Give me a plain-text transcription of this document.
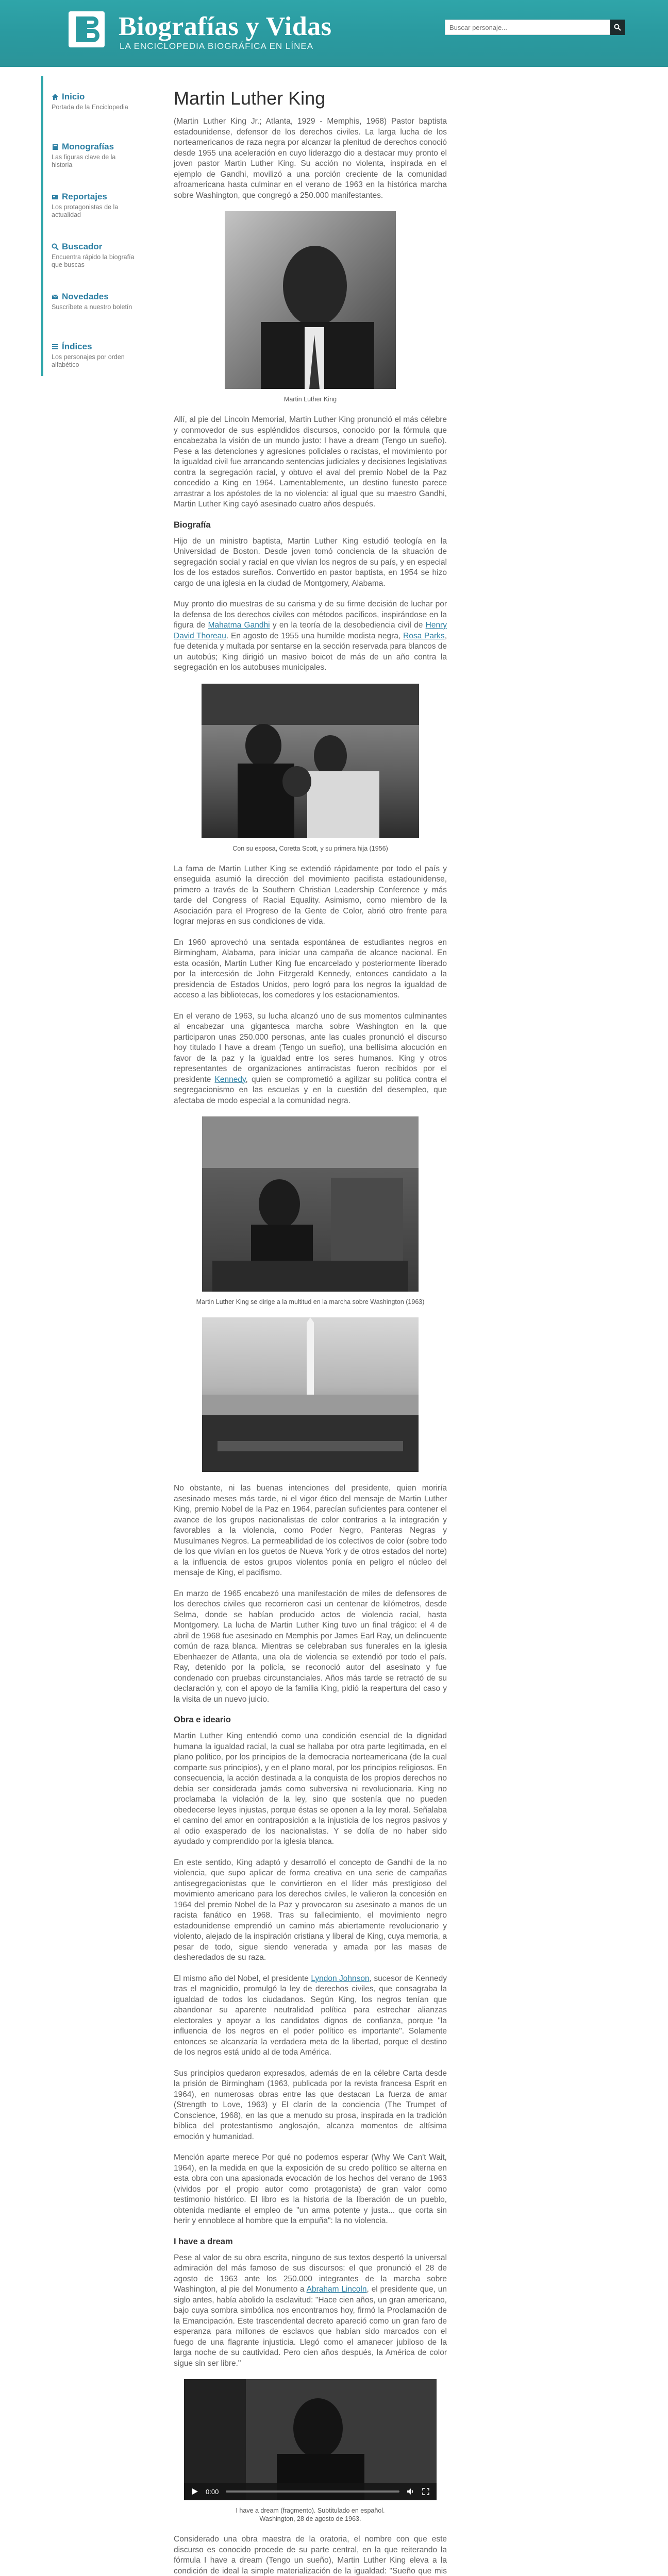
Biografías y Vidas
LA ENCICLOPEDIA BIOGRÁFICA EN LÍNEA
Buscar personaje...
Inicio
Portada de la Enciclopedia
Monografías
Las figuras clave de la historia
Reportajes
Los protagonistas de la actualidad
Buscador
Encuentra rápido la biografía que buscas
Novedades
Suscríbete a nuestro boletín
Índices
Los personajes por orden alfabético
Martin Luther King

(Martin Luther King Jr.; Atlanta, 1929 - Memphis, 1968) Pastor baptista estadounidense, defensor de los derechos civiles. La larga lucha de los norteamericanos de raza negra por alcanzar la plenitud de derechos conoció desde 1955 una aceleración en cuyo liderazgo dio a destacar muy pronto el joven pastor Martin Luther King. Su acción no violenta, inspirada en el ejemplo de Gandhi, movilizó a una porción creciente de la comunidad afroamericana hasta culminar en el verano de 1963 en la histórica marcha sobre Washington, que congregó a 250.000 manifestantes.

Martin Luther King

Allí, al pie del Lincoln Memorial, Martin Luther King pronunció el más célebre y conmovedor de sus espléndidos discursos, conocido por la fórmula que encabezaba la visión de un mundo justo: I have a dream (Tengo un sueño). Pese a las detenciones y agresiones policiales o racistas, el movimiento por la igualdad civil fue arrancando sentencias judiciales y decisiones legislativas contra la segregación racial, y obtuvo el aval del premio Nobel de la Paz concedido a King en 1964. Lamentablemente, un destino funesto parece arrastrar a los apóstoles de la no violencia: al igual que su maestro Gandhi, Martin Luther King cayó asesinado cuatro años después.

Biografía

Hijo de un ministro baptista, Martin Luther King estudió teología en la Universidad de Boston. Desde joven tomó conciencia de la situación de segregación social y racial en que vivían los negros de su país, y en especial los de los estados sureños. Convertido en pastor baptista, en 1954 se hizo cargo de una iglesia en la ciudad de Montgomery, Alabama.

Muy pronto dio muestras de su carisma y de su firme decisión de luchar por la defensa de los derechos civiles con métodos pacíficos, inspirándose en la figura de Mahatma Gandhi y en la teoría de la desobediencia civil de Henry David Thoreau. En agosto de 1955 una humilde modista negra, Rosa Parks, fue detenida y multada por sentarse en la sección reservada para blancos de un autobús; King dirigió un masivo boicot de más de un año contra la segregación en los autobuses municipales.

Con su esposa, Coretta Scott, y su primera hija (1956)

La fama de Martin Luther King se extendió rápidamente por todo el país y enseguida asumió la dirección del movimiento pacifista estadounidense, primero a través de la Southern Christian Leadership Conference y más tarde del Congress of Racial Equality. Asimismo, como miembro de la Asociación para el Progreso de la Gente de Color, abrió otro frente para lograr mejoras en sus condiciones de vida.

En 1960 aprovechó una sentada espontánea de estudiantes negros en Birmingham, Alabama, para iniciar una campaña de alcance nacional. En esta ocasión, Martin Luther King fue encarcelado y posteriormente liberado por la intercesión de John Fitzgerald Kennedy, entonces candidato a la presidencia de Estados Unidos, pero logró para los negros la igualdad de acceso a las bibliotecas, los comedores y los estacionamientos.

En el verano de 1963, su lucha alcanzó uno de sus momentos culminantes al encabezar una gigantesca marcha sobre Washington en la que participaron unas 250.000 personas, ante las cuales pronunció el discurso hoy titulado I have a dream (Tengo un sueño), una bellísima alocución en favor de la paz y la igualdad entre los seres humanos. King y otros representantes de organizaciones antirracistas fueron recibidos por el presidente Kennedy, quien se comprometió a agilizar su política contra el segregacionismo en las escuelas y en la cuestión del desempleo, que afectaba de modo especial a la comunidad negra.

Martin Luther King se dirige a la multitud en la marcha sobre Washington (1963)

No obstante, ni las buenas intenciones del presidente, quien moriría asesinado meses más tarde, ni el vigor ético del mensaje de Martin Luther King, premio Nobel de la Paz en 1964, parecían suficientes para contener el avance de los grupos nacionalistas de color contrarios a la integración y favorables a la violencia, como Poder Negro, Panteras Negras y Musulmanes Negros. La permeabilidad de los colectivos de color (sobre todo de los que vivían en los guetos de Nueva York y de otros estados del norte) a la influencia de estos grupos violentos ponía en peligro el núcleo del mensaje de King, el pacifismo.

En marzo de 1965 encabezó una manifestación de miles de defensores de los derechos civiles que recorrieron casi un centenar de kilómetros, desde Selma, donde se habían producido actos de violencia racial, hasta Montgomery. La lucha de Martin Luther King tuvo un final trágico: el 4 de abril de 1968 fue asesinado en Memphis por James Earl Ray, un delincuente común de raza blanca. Mientras se celebraban sus funerales en la iglesia Ebenhaezer de Atlanta, una ola de violencia se extendió por todo el país. Ray, detenido por la policía, se reconoció autor del asesinato y fue condenado con pruebas circunstanciales. Años más tarde se retractó de su declaración y, con el apoyo de la familia King, pidió la reapertura del caso y la visita de un nuevo juicio.

Obra e ideario

Martin Luther King entendió como una condición esencial de la dignidad humana la igualdad racial, la cual se hallaba por otra parte legitimada, en el plano político, por los principios de la democracia norteamericana (de la cual comparte sus principios), y en el plano moral, por los principios religiosos. En consecuencia, la acción destinada a la conquista de los propios derechos no debía ser considerada jamás como subversiva ni revolucionaria. King no proclamaba la violación de la ley, sino que sostenía que no pueden obedecerse leyes injustas, porque éstas se oponen a la ley moral. Señalaba el camino del amor en contraposición a la injusticia de los negros pasivos y al odio exasperado de los nacionalistas. Y se dolía de no haber sido ayudado y comprendido por la iglesia blanca.

En este sentido, King adaptó y desarrolló el concepto de Gandhi de la no violencia, que supo aplicar de forma creativa en una serie de campañas antisegregacionistas que le convirtieron en el líder más prestigioso del movimiento americano para los derechos civiles, le valieron la concesión en 1964 del premio Nobel de la Paz y provocaron su asesinato a manos de un racista fanático en 1968. Tras su fallecimiento, el movimiento negro estadounidense emprendió un camino más abiertamente revolucionario y violento, alejado de la inspiración cristiana y liberal de King, cuya memoria, a pesar de todo, sigue siendo venerada y amada por las masas de desheredados de su raza.

El mismo año del Nobel, el presidente Lyndon Johnson, sucesor de Kennedy tras el magnicidio, promulgó la ley de derechos civiles, que consagraba la igualdad de todos los ciudadanos. Según King, los negros tenían que abandonar su aparente neutralidad política para estrechar alianzas electorales y apoyar a los candidatos dignos de confianza, porque "la influencia de los negros en el poder político es importante". Solamente entonces se alcanzaría la verdadera meta de la libertad, porque el destino de los negros está unido al de toda América.

Sus principios quedaron expresados, además de en la célebre Carta desde la prisión de Birmingham (1963, publicada por la revista francesa Esprit en 1964), en numerosas obras entre las que destacan La fuerza de amar (Strength to Love, 1963) y El clarín de la conciencia (The Trumpet of Conscience, 1968), en las que a menudo su prosa, inspirada en la tradición bíblica del protestantismo anglosajón, alcanza momentos de altísima emoción y humanidad.

Mención aparte merece Por qué no podemos esperar (Why We Can't Wait, 1964), en la medida en que la exposición de su credo político se alterna en esta obra con una apasionada evocación de los hechos del verano de 1963 (vividos por el propio autor como protagonista) de gran valor como testimonio histórico. El libro es la historia de la liberación de un pueblo, obtenida mediante el empleo de "un arma potente y justa... que corta sin herir y ennoblece al hombre que la empuña": la no violencia.

I have a dream

Pese al valor de su obra escrita, ninguno de sus textos despertó la universal admiración del más famoso de sus discursos: el que pronunció el 28 de agosto de 1963 ante los 250.000 integrantes de la marcha sobre Washington, al pie del Monumento a Abraham Lincoln, el presidente que, un siglo antes, había abolido la esclavitud: "Hace cien años, un gran americano, bajo cuya sombra simbólica nos encontramos hoy, firmó la Proclamación de la Emancipación. Este trascendental decreto apareció como un gran faro de esperanza para millones de esclavos que habían sido marcados con el fuego de una flagrante injusticia. Llegó como el amanecer jubiloso de la larga noche de su cautividad. Pero cien años después, la América de color sigue sin ser libre."

0:00
I have a dream (fragmento). Subtitulado en español. Washington, 28 de agosto de 1963.

Considerado una obra maestra de la oratoria, el nombre con que este discurso es conocido procede de su parte central, en la que reiterando la fórmula I have a dream (Tengo un sueño), Martin Luther King eleva a la condición de ideal la simple materialización de la igualdad: "Sueño que mis
